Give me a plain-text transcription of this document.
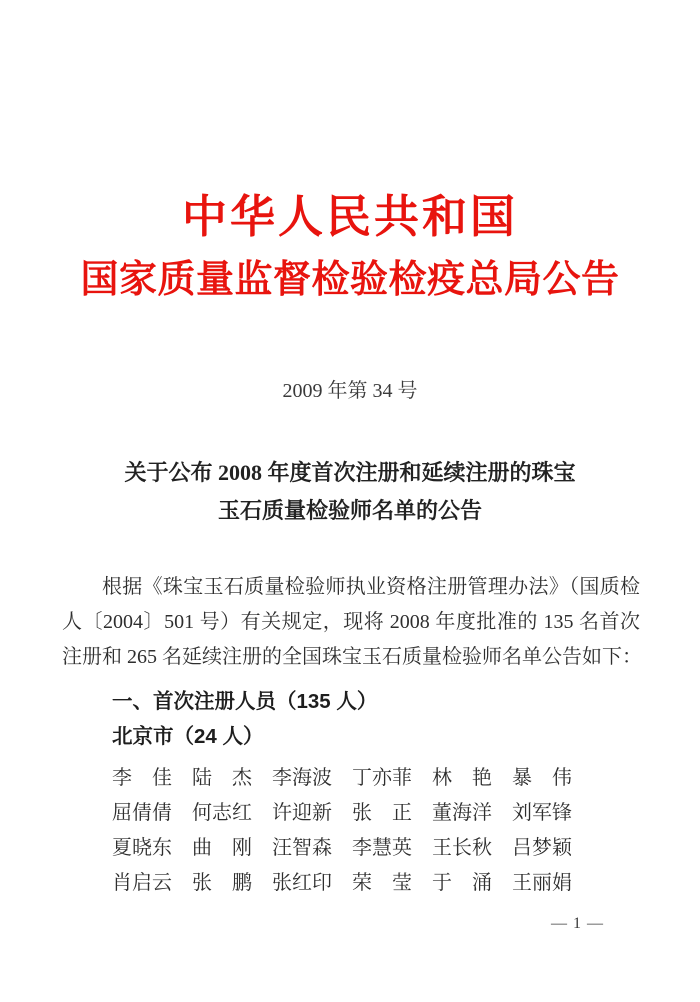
中华人民共和国
国家质量监督检验检疫总局公告
2009 年第 34 号
关于公布 2008 年度首次注册和延续注册的珠宝
玉石质量检验师名单的公告

根据《珠宝玉石质量检验师执业资格注册管理办法》（国质检

人〔2004〕501 号）有关规定，现将 2008 年度批准的 135 名首次

注册和 265 名延续注册的全国珠宝玉石质量检验师名单公告如下：

一、首次注册人员（135 人）
北京市（24 人）
李　佳 陆　杰 李海波 丁亦菲 林　艳 暴　伟
屈倩倩 何志红 许迎新 张　正 董海洋 刘军锋
夏晓东 曲　刚 汪智森 李慧英 王长秋 吕梦颖
肖启云 张　鹏 张红印 荣　莹 于　涌 王丽娟
— 1 —
